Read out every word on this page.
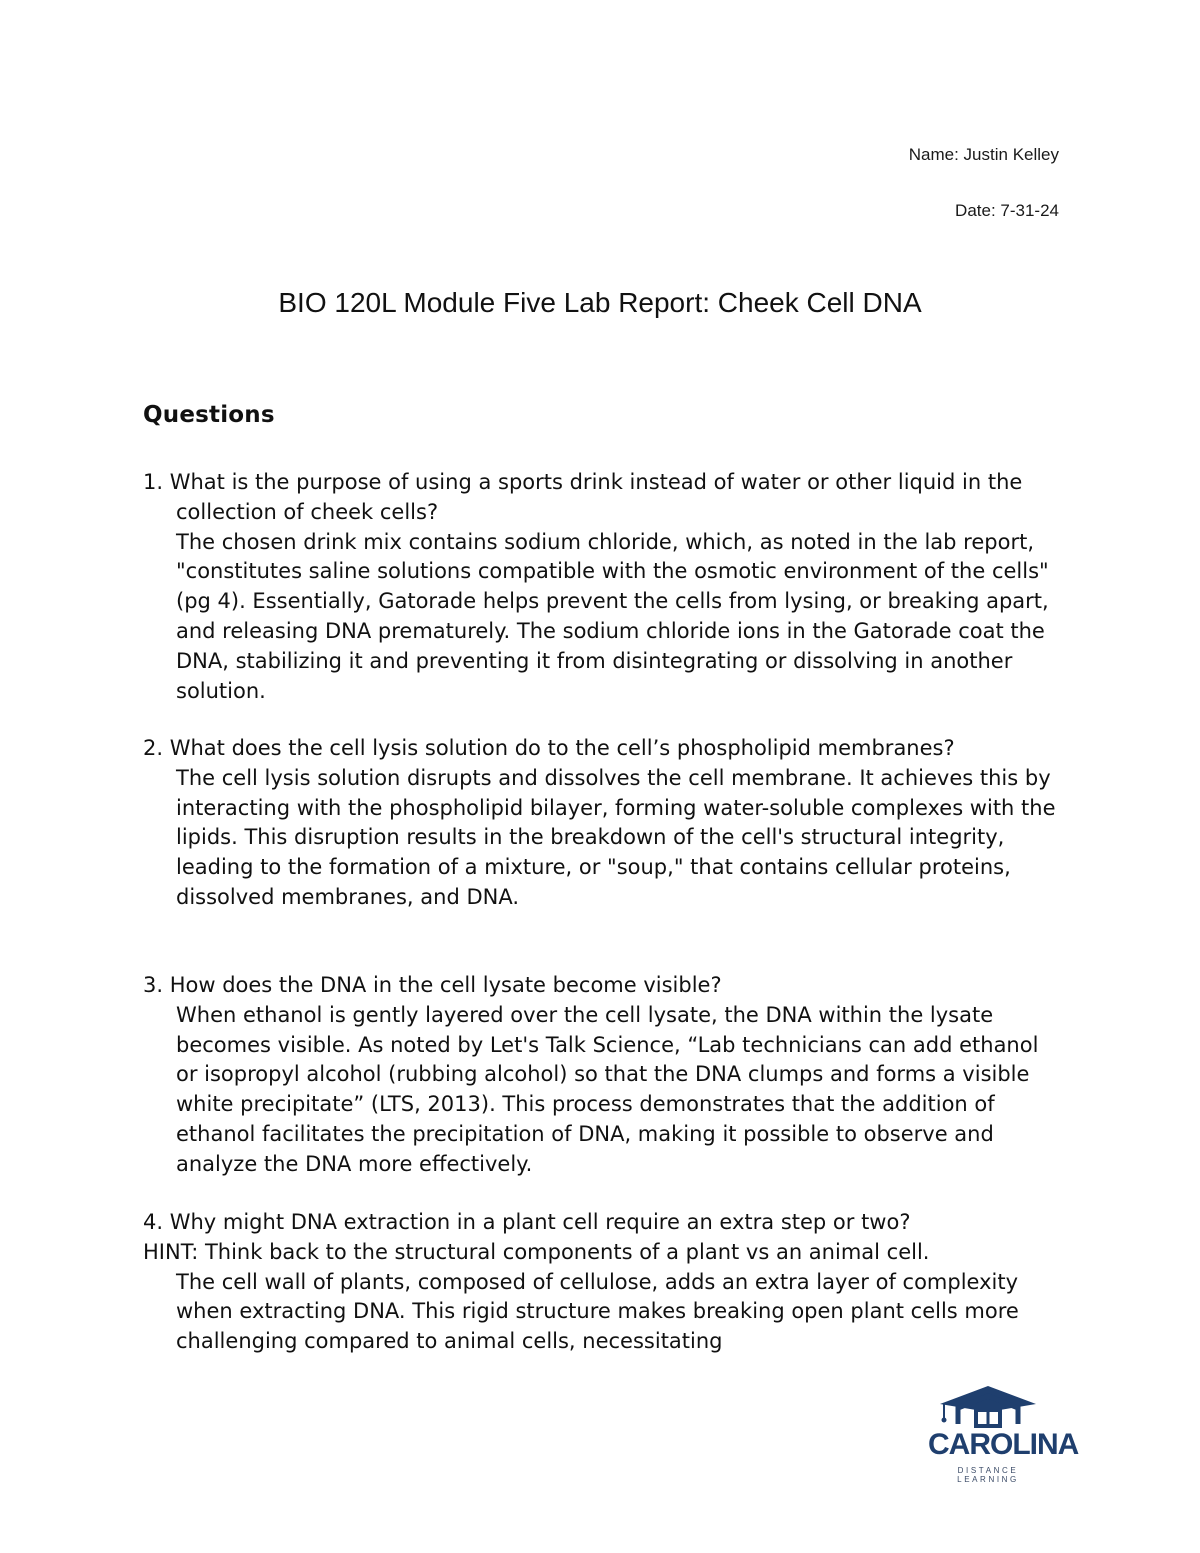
Name: Justin Kelley
Date: 7-31-24
BIO 120L Module Five Lab Report: Cheek Cell DNA
Questions

1. What is the purpose of using a sports drink instead of water or other liquid in the collection of cheek cells?

The chosen drink mix contains sodium chloride, which, as noted in the lab report, "constitutes saline solutions compatible with the osmotic environment of the cells" (pg 4). Essentially, Gatorade helps prevent the cells from lysing, or breaking apart, and releasing DNA prematurely. The sodium chloride ions in the Gatorade coat the DNA, stabilizing it and preventing it from disintegrating or dissolving in another solution.

2. What does the cell lysis solution do to the cell’s phospholipid membranes?

The cell lysis solution disrupts and dissolves the cell membrane. It achieves this by interacting with the phospholipid bilayer, forming water-soluble complexes with the lipids. This disruption results in the breakdown of the cell's structural integrity, leading to the formation of a mixture, or "soup," that contains cellular proteins, dissolved membranes, and DNA.

3. How does the DNA in the cell lysate become visible?

When ethanol is gently layered over the cell lysate, the DNA within the lysate becomes visible. As noted by Let's Talk Science, “Lab technicians can add ethanol or isopropyl alcohol (rubbing alcohol) so that the DNA clumps and forms a visible white precipitate” (LTS, 2013). This process demonstrates that the addition of ethanol facilitates the precipitation of DNA, making it possible to observe and analyze the DNA more effectively.

4. Why might DNA extraction in a plant cell require an extra step or two?

HINT: Think back to the structural components of a plant vs an animal cell.

The cell wall of plants, composed of cellulose, adds an extra layer of complexity when extracting DNA. This rigid structure makes breaking open plant cells more challenging compared to animal cells, necessitating

CAROLINA
DISTANCE LEARNING
